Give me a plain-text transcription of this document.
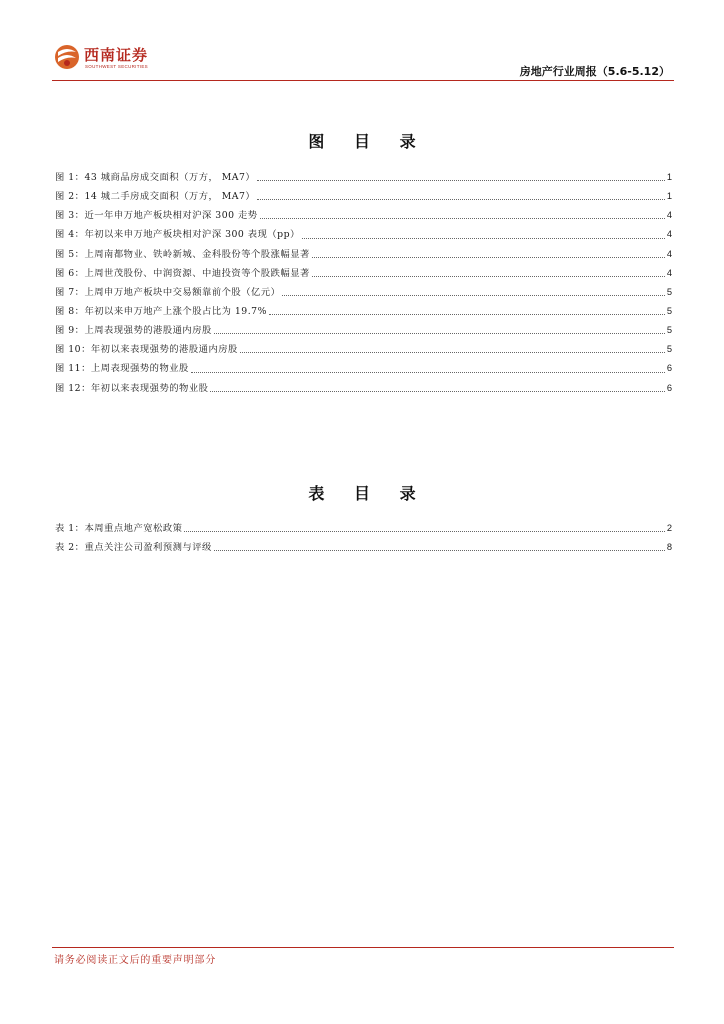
西南证券
SOUTHWEST SECURITIES	房地产行业周报（5.6-5.12）
图 目 录
图 1：43 城商品房成交面积（万方， MA7）	1
图 2：14 城二手房成交面积（万方， MA7）	1
图 3：近一年申万地产板块相对沪深 300 走势	4
图 4：年初以来申万地产板块相对沪深 300 表现（pp）	4
图 5：上周南都物业、铁岭新城、金科股份等个股涨幅显著	4
图 6：上周世茂股份、中润资源、中迪投资等个股跌幅显著	4
图 7：上周申万地产板块中交易额靠前个股（亿元）	5
图 8：年初以来申万地产上涨个股占比为 19.7%	5
图 9：上周表现强势的港股通内房股	5
图 10：年初以来表现强势的港股通内房股	5
图 11：上周表现强势的物业股	6
图 12：年初以来表现强势的物业股	6
表 目 录
表 1：本周重点地产宽松政策	2
表 2：重点关注公司盈利预测与评级	8
请务必阅读正文后的重要声明部分
